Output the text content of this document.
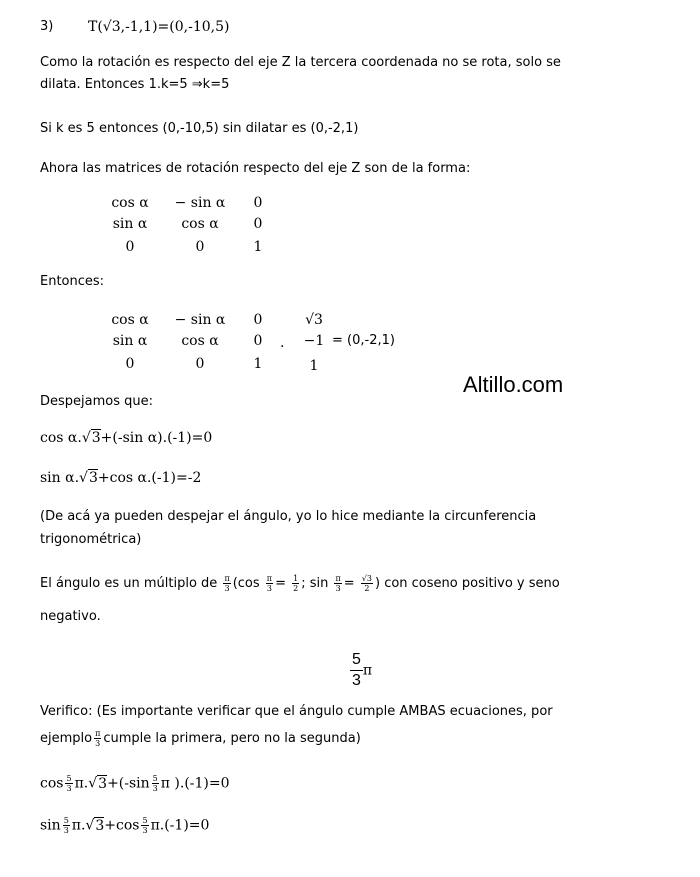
3) T(√3,-1,1)=(0,-10,5)
Como la rotación es respecto del eje Z la tercera coordenada no se rota, solo se
dilata. Entonces 1.k=5 ⇒k=5
Si k es 5 entonces (0,-10,5) sin dilatar es (0,-2,1)
Ahora las matrices de rotación respecto del eje Z son de la forma:
cos α	− sin α	0
sin α	cos α	0
0	0	1
Entonces:
cos α	− sin α	0
sin α	cos α	0
0	0	1
.
√3
−1
1
= (0,-2,1)
Altillo.com
Despejamos que:
cos α.√3+(-sin α).(-1)=0
sin α.√3+cos α.(-1)=-2
(De acá ya pueden despejar el ángulo, yo lo hice mediante la circunferencia
trigonométrica)
El ángulo es un múltiplo de $\frac{\pi}{3} (\cos \frac{\pi}{3} = \frac{1}{2}$ ; $\sin \frac{\pi}{3} = \frac{√3}{2}$ ) con coseno positivo y seno
negativo.
$\frac{5}{3}$ π
Verifico: (Es importante verificar que el ángulo cumple AMBAS ecuaciones, por
ejemplo $\frac{\pi}{3}$ cumple la primera, pero no la segunda)
$\cos \frac{5}{3} \pi.√3+(-\sin \frac{5}{3}$ π ).(-1)=0
$\sin \frac{5}{3} \pi.√3+\cos \frac{5}{3} \pi.(-1)=0$
